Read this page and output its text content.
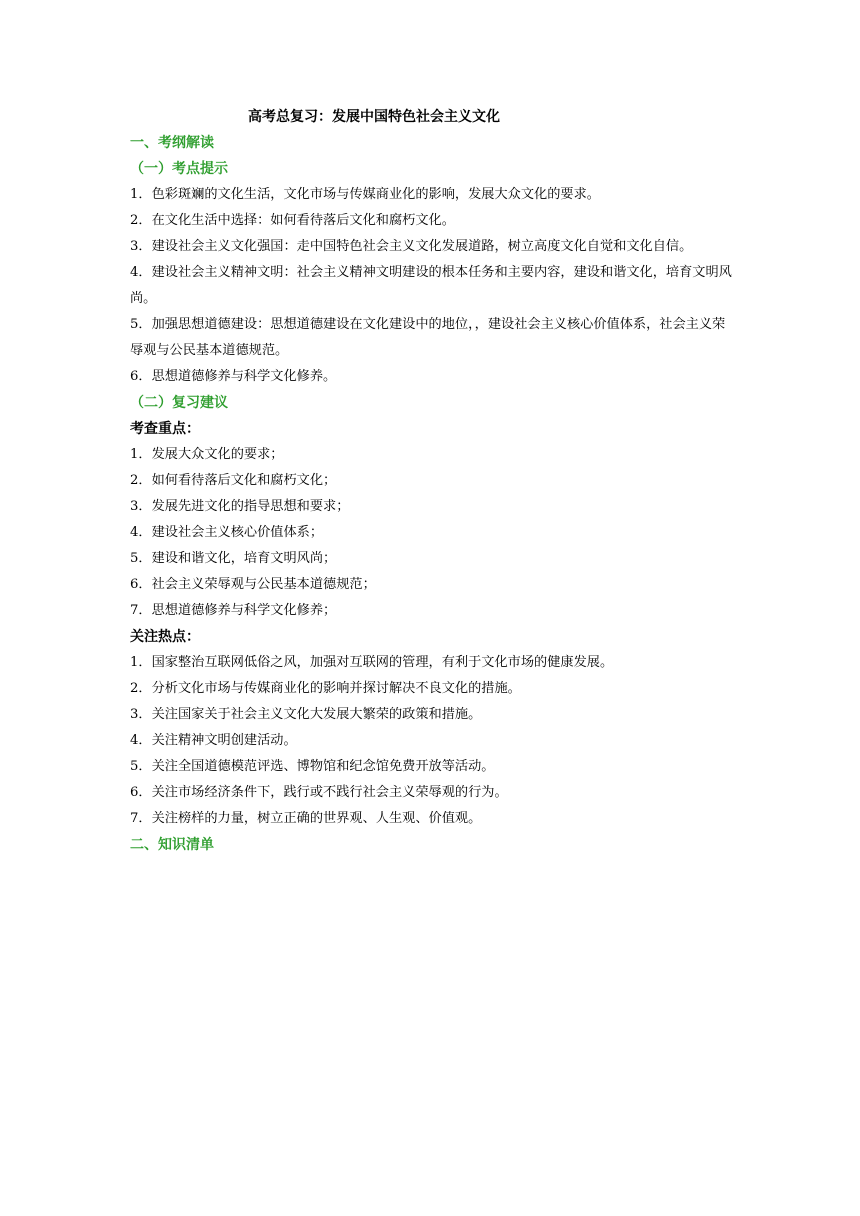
高考总复习：发展中国特色社会主义文化
一、考纲解读
（一）考点提示
1．色彩斑斓的文化生活，文化市场与传媒商业化的影响，发展大众文化的要求。
2．在文化生活中选择：如何看待落后文化和腐朽文化。
3．建设社会主义文化强国：走中国特色社会主义文化发展道路，树立高度文化自觉和文化自信。
4．建设社会主义精神文明：社会主义精神文明建设的根本任务和主要内容，建设和谐文化，培育文明风尚。
5．加强思想道德建设：思想道德建设在文化建设中的地位，，建设社会主义核心价值体系，社会主义荣辱观与公民基本道德规范。
6．思想道德修养与科学文化修养。
（二）复习建议
考查重点：
1．发展大众文化的要求；
2．如何看待落后文化和腐朽文化；
3．发展先进文化的指导思想和要求；
4．建设社会主义核心价值体系；
5．建设和谐文化，培育文明风尚；
6．社会主义荣辱观与公民基本道德规范；
7．思想道德修养与科学文化修养；
关注热点：
1．国家整治互联网低俗之风，加强对互联网的管理，有利于文化市场的健康发展。
2．分析文化市场与传媒商业化的影响并探讨解决不良文化的措施。
3．关注国家关于社会主义文化大发展大繁荣的政策和措施。
4．关注精神文明创建活动。
5．关注全国道德模范评选、博物馆和纪念馆免费开放等活动。
6．关注市场经济条件下，践行或不践行社会主义荣辱观的行为。
7．关注榜样的力量，树立正确的世界观、人生观、价值观。
二、知识清单
